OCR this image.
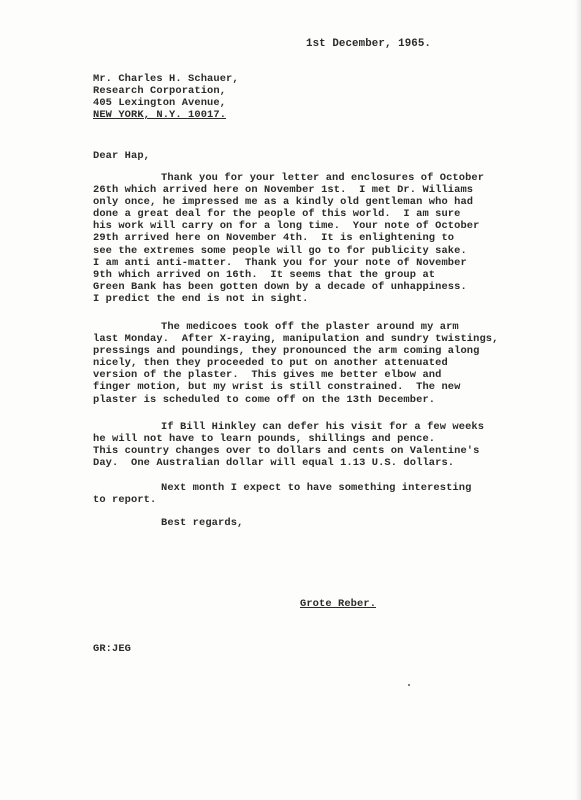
1st December, 1965.
Mr. Charles H. Schauer,
Research Corporation,
405 Lexington Avenue,
NEW YORK, N.Y. 10017.
Dear Hap,
Thank you for your letter and enclosures of October
26th which arrived here on November 1st.  I met Dr. Williams
only once, he impressed me as a kindly old gentleman who had
done a great deal for the people of this world.  I am sure
his work will carry on for a long time.  Your note of October
29th arrived here on November 4th.  It is enlightening to
see the extremes some people will go to for publicity sake.
I am anti anti-matter.  Thank you for your note of November
9th which arrived on 16th.  It seems that the group at
Green Bank has been gotten down by a decade of unhappiness.
I predict the end is not in sight.
The medicoes took off the plaster around my arm
last Monday.  After X-raying, manipulation and sundry twistings,
pressings and poundings, they pronounced the arm coming along
nicely, then they proceeded to put on another attenuated
version of the plaster.  This gives me better elbow and
finger motion, but my wrist is still constrained.  The new
plaster is scheduled to come off on the 13th December.
If Bill Hinkley can defer his visit for a few weeks
he will not have to learn pounds, shillings and pence.
This country changes over to dollars and cents on Valentine's
Day.  One Australian dollar will equal 1.13 U.S. dollars.
Next month I expect to have something interesting
to report.
Best regards,
Grote Reber.
GR:JEG
